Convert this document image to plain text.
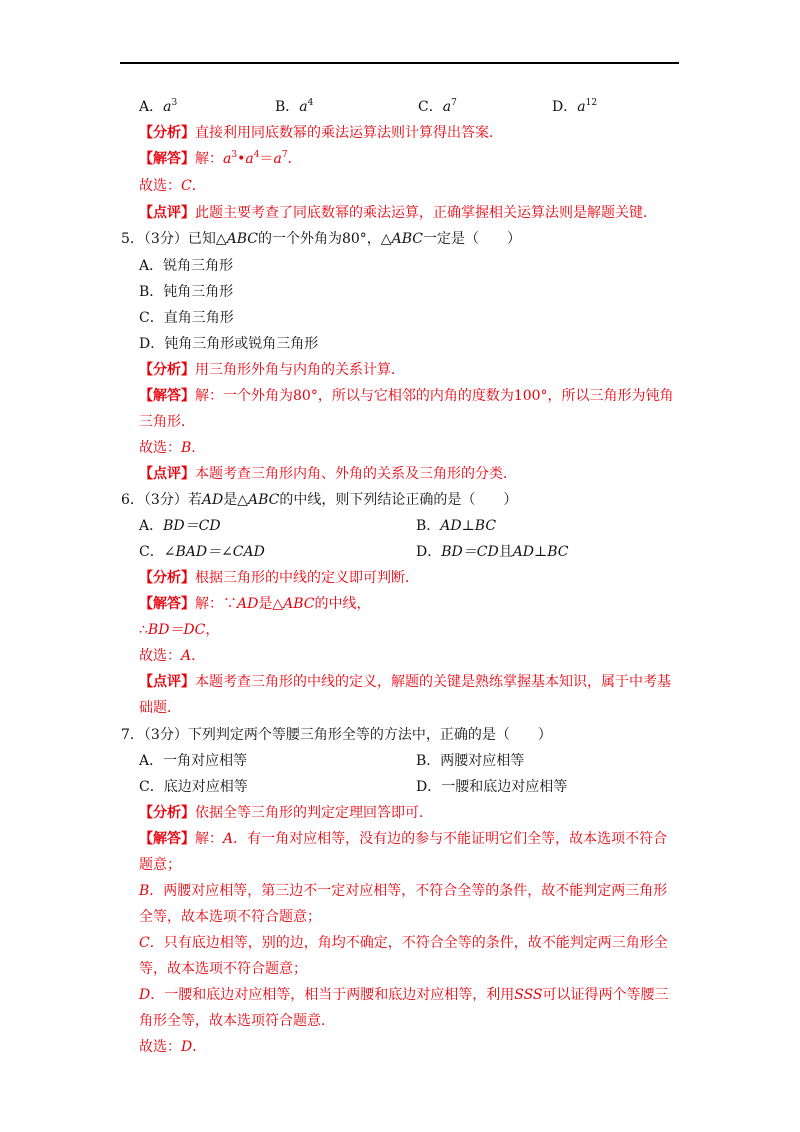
A．$a^3$	B．$a^4$	C．$a^7$	D．$a^{12}$
【分析】直接利用同底数幂的乘法运算法则计算得出答案．
【解答】解：$a^3•a^4=a^7$．
故选：C．
【点评】此题主要考查了同底数幂的乘法运算，正确掌握相关运算法则是解题关键．
5．（3分）已知△ABC的一个外角为80°，△ABC一定是（　　）
A．锐角三角形
B．钝角三角形
C．直角三角形
D．钝角三角形或锐角三角形
【分析】用三角形外角与内角的关系计算．
【解答】解：一个外角为80°，所以与它相邻的内角的度数为100°，所以三角形为钝角
三角形．
故选：B．
【点评】本题考查三角形内角、外角的关系及三角形的分类．
6．（3分）若AD是△ABC的中线，则下列结论正确的是（　　）
A．BD＝CD	B．AD⊥BC
C．∠BAD＝∠CAD	D．BD＝CD且AD⊥BC
【分析】根据三角形的中线的定义即可判断．
【解答】解：∵AD是△ABC的中线，
∴BD＝DC，
故选：A．
【点评】本题考查三角形的中线的定义，解题的关键是熟练掌握基本知识，属于中考基
础题．
7．（3分）下列判定两个等腰三角形全等的方法中，正确的是（　　）
A．一角对应相等	B．两腰对应相等
C．底边对应相等	D．一腰和底边对应相等
【分析】依据全等三角形的判定定理回答即可．
【解答】解：A．有一角对应相等，没有边的参与不能证明它们全等，故本选项不符合
题意；
B．两腰对应相等，第三边不一定对应相等，不符合全等的条件，故不能判定两三角形
全等，故本选项不符合题意；
C．只有底边相等，别的边，角均不确定，不符合全等的条件，故不能判定两三角形全
等，故本选项不符合题意；
D．一腰和底边对应相等，相当于两腰和底边对应相等，利用SSS可以证得两个等腰三
角形全等，故本选项符合题意．
故选：D．
